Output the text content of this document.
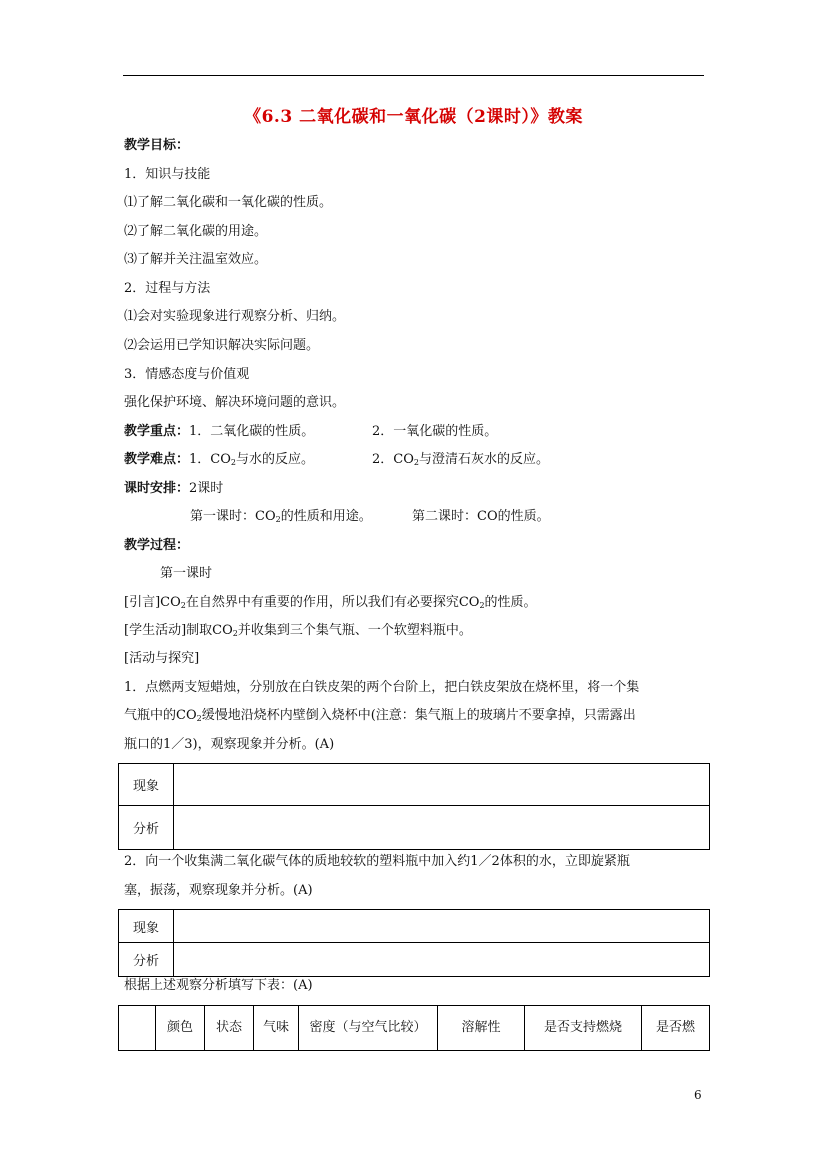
《6.3 二氧化碳和一氧化碳（2课时）》教案
教学目标：
1．知识与技能
⑴了解二氧化碳和一氧化碳的性质。
⑵了解二氧化碳的用途。
⑶了解并关注温室效应。
2．过程与方法
⑴会对实验现象进行观察分析、归纳。
⑵会运用已学知识解决实际问题。
3．情感态度与价值观
强化保护环境、解决环境问题的意识。
教学重点：1．二氧化碳的性质。	2．一氧化碳的性质。
教学难点：1．$CO_2$与水的反应。	2．$CO_2$与澄清石灰水的反应。
课时安排：2课时
第一课时：$CO_2$的性质和用途。	第二课时：CO的性质。
教学过程：
第一课时
[引言]$CO_2$在自然界中有重要的作用，所以我们有必要探究$CO_2$的性质。
[学生活动]制取$CO_2$并收集到三个集气瓶、一个软塑料瓶中。
[活动与探究]
1．点燃两支短蜡烛，分别放在白铁皮架的两个台阶上，把白铁皮架放在烧杯里，将一个集
气瓶中的$CO_2$缓慢地沿烧杯内壁倒入烧杯中(注意：集气瓶上的玻璃片不要拿掉，只需露出
瓶口的1／3)，观察现象并分析。(A)
现象	
分析	
2．向一个收集满二氧化碳气体的质地较软的塑料瓶中加入约1／2体积的水，立即旋紧瓶
塞，振荡，观察现象并分析。(A)
现象	
分析	
根据上述观察分析填写下表：(A)
	颜色	状态	气味	密度（与空气比较）	溶解性	是否支持燃烧	是否燃
6
